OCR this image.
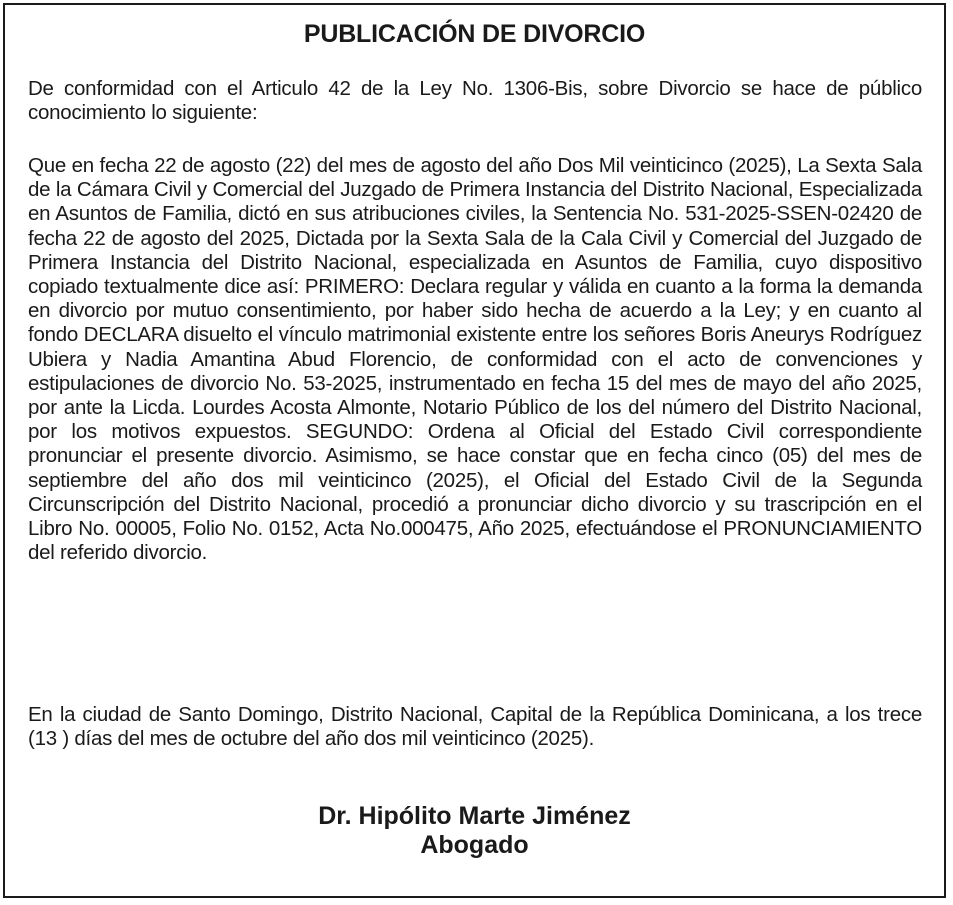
PUBLICACIÓN DE DIVORCIO

De conformidad con el Articulo 42 de la Ley No. 1306-Bis, sobre Divorcio se hace de público conocimiento lo siguiente:

Que en fecha 22 de agosto (22) del mes de agosto del año Dos Mil veinticinco (2025), La Sexta Sala de la Cámara Civil y Comercial del Juzgado de Primera Instancia del Distrito Nacional, Especializada en Asuntos de Familia, dictó en sus atribuciones civiles, la Sentencia No. 531-2025-SSEN-02420 de fecha 22 de agosto del 2025, Dictada por la Sexta Sala de la Cala Civil y Comercial del Juzgado de Primera Instancia del Distrito Nacional, especializada en Asuntos de Familia, cuyo dispositivo copiado textualmente dice así: PRIMERO: Declara regular y válida en cuanto a la forma la demanda en divorcio por mutuo consentimiento, por haber sido hecha de acuerdo a la Ley; y en cuanto al fondo DECLARA disuelto el vínculo matrimonial existente entre los señores Boris Aneurys Rodríguez Ubiera y Nadia Amantina Abud Florencio, de conformidad con el acto de convenciones y estipulaciones de divorcio No. 53-2025, instrumentado en fecha 15 del mes de mayo del año 2025, por ante la Licda. Lourdes Acosta Almonte, Notario Público de los del número del Distrito Nacional, por los motivos expuestos. SEGUNDO: Ordena al Oficial del Estado Civil correspondiente pronunciar el presente divorcio. Asimismo, se hace constar que en fecha cinco (05) del mes de septiembre del año dos mil veinticinco (2025), el Oficial del Estado Civil de la Segunda Circunscripción del Distrito Nacional, procedió a pronunciar dicho divorcio y su trascripción en el Libro No. 00005, Folio No. 0152, Acta No.000475, Año 2025, efectuándose el PRONUNCIAMIENTO del referido divorcio.

En la ciudad de Santo Domingo, Distrito Nacional, Capital de la República Dominicana, a los trece (13 ) días del mes de octubre del año dos mil veinticinco (2025).

Dr. Hipólito Marte Jiménez
Abogado
